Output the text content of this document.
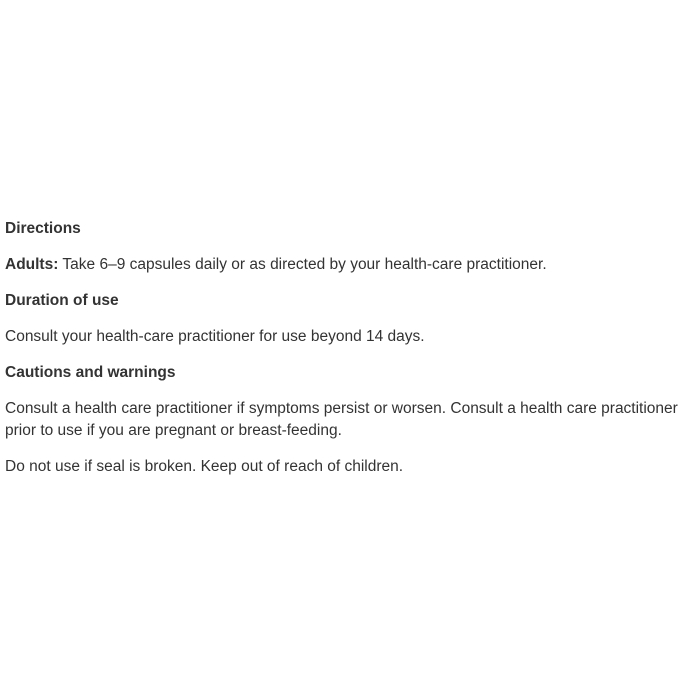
Directions

Adults: Take 6–9 capsules daily or as directed by your health-care practitioner.

Duration of use

Consult your health-care practitioner for use beyond 14 days.

Cautions and warnings

Consult a health care practitioner if symptoms persist or worsen. Consult a health care practitioner prior to use if you are pregnant or breast-feeding.

Do not use if seal is broken. Keep out of reach of children.
